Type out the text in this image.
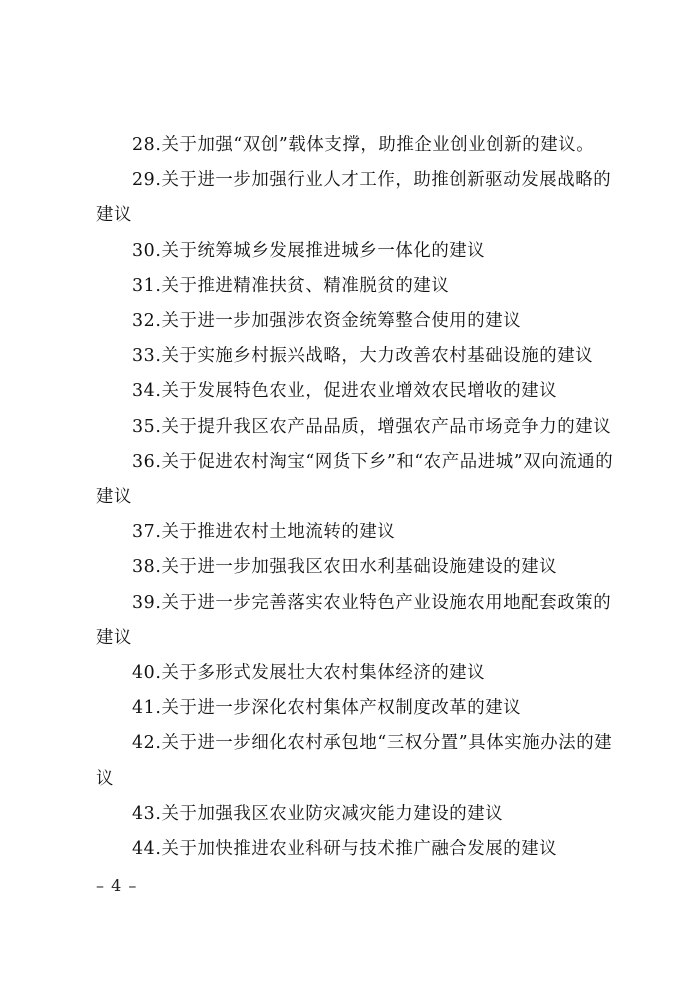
28.关于加强“双创”载体支撑，助推企业创业创新的建议。

29.关于进一步加强行业人才工作，助推创新驱动发展战略的建议

30.关于统筹城乡发展推进城乡一体化的建议

31.关于推进精准扶贫、精准脱贫的建议

32.关于进一步加强涉农资金统筹整合使用的建议

33.关于实施乡村振兴战略，大力改善农村基础设施的建议

34.关于发展特色农业，促进农业增效农民增收的建议

35.关于提升我区农产品品质，增强农产品市场竞争力的建议

36.关于促进农村淘宝“网货下乡”和“农产品进城”双向流通的建议

37.关于推进农村土地流转的建议

38.关于进一步加强我区农田水利基础设施建设的建议

39.关于进一步完善落实农业特色产业设施农用地配套政策的建议

40.关于多形式发展壮大农村集体经济的建议

41.关于进一步深化农村集体产权制度改革的建议

42.关于进一步细化农村承包地“三权分置”具体实施办法的建议

43.关于加强我区农业防灾减灾能力建设的建议

44.关于加快推进农业科研与技术推广融合发展的建议

– 4 –
